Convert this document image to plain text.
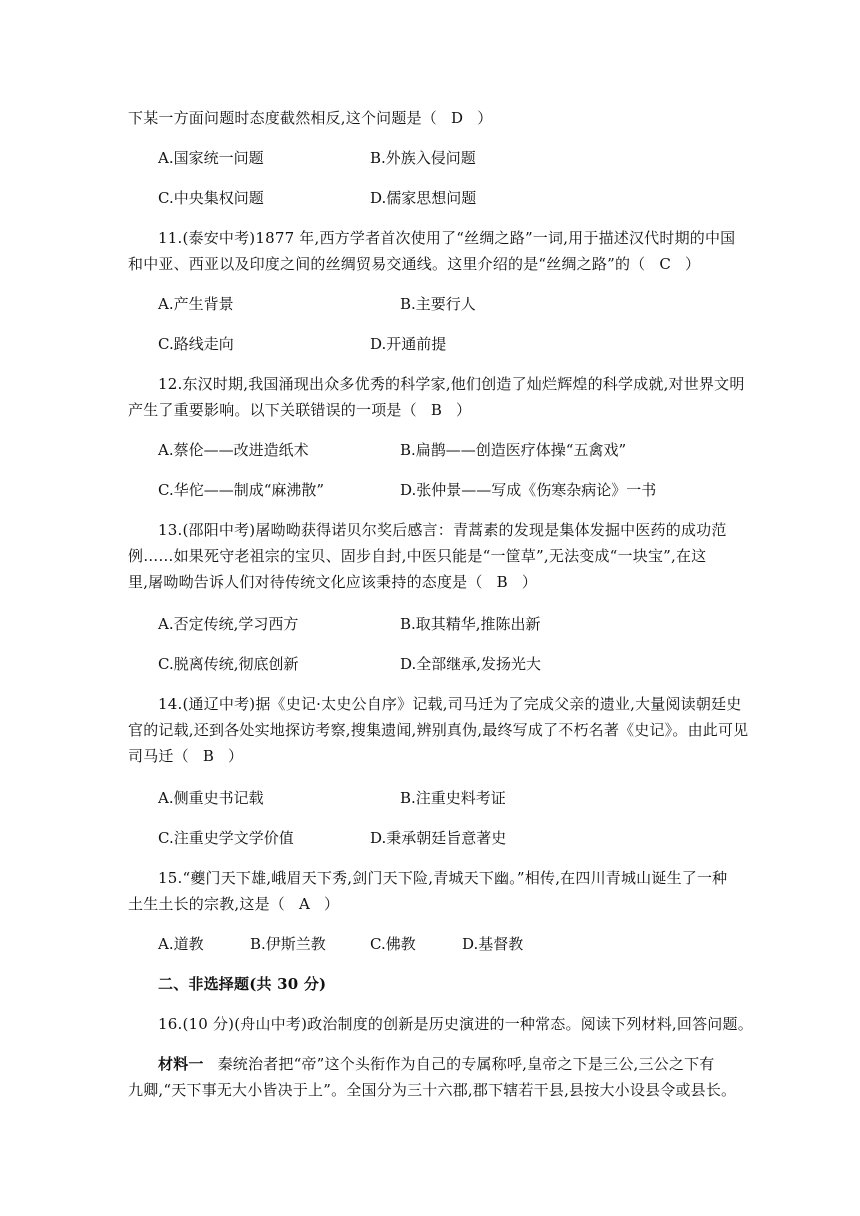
下某一方面问题时态度截然相反,这个问题是（ D ）
A.国家统一问题	B.外族入侵问题
C.中央集权问题	D.儒家思想问题
11.(泰安中考)1877 年,西方学者首次使用了“丝绸之路”一词,用于描述汉代时期的中国
和中亚、西亚以及印度之间的丝绸贸易交通线。这里介绍的是“丝绸之路”的（ C ）
A.产生背景	B.主要行人
C.路线走向	D.开通前提
12.东汉时期,我国涌现出众多优秀的科学家,他们创造了灿烂辉煌的科学成就,对世界文明
产生了重要影响。以下关联错误的一项是（ B ）
A.蔡伦——改进造纸术	B.扁鹊——创造医疗体操“五禽戏”
C.华佗——制成“麻沸散”	D.张仲景——写成《伤寒杂病论》一书
13.(邵阳中考)屠呦呦获得诺贝尔奖后感言：青蒿素的发现是集体发掘中医药的成功范
例……如果死守老祖宗的宝贝、固步自封,中医只能是“一筐草”,无法变成“一块宝”,在这
里,屠呦呦告诉人们对待传统文化应该秉持的态度是（ B ）
A.否定传统,学习西方	B.取其精华,推陈出新
C.脱离传统,彻底创新	D.全部继承,发扬光大
14.(通辽中考)据《史记·太史公自序》记载,司马迁为了完成父亲的遗业,大量阅读朝廷史
官的记载,还到各处实地探访考察,搜集遗闻,辨别真伪,最终写成了不朽名著《史记》。由此可见
司马迁（ B ）
A.侧重史书记载	B.注重史料考证
C.注重史学文学价值	D.秉承朝廷旨意著史
15.“夔门天下雄,峨眉天下秀,剑门天下险,青城天下幽。”相传,在四川青城山诞生了一种
土生土长的宗教,这是（ A ）
A.道教	B.伊斯兰教	C.佛教	D.基督教
二、非选择题(共 30 分)
16.(10 分)(舟山中考)政治制度的创新是历史演进的一种常态。阅读下列材料,回答问题。
材料一 秦统治者把“帝”这个头衔作为自己的专属称呼,皇帝之下是三公,三公之下有
九卿,“天下事无大小皆决于上”。全国分为三十六郡,郡下辖若干县,县按大小设县令或县长。
